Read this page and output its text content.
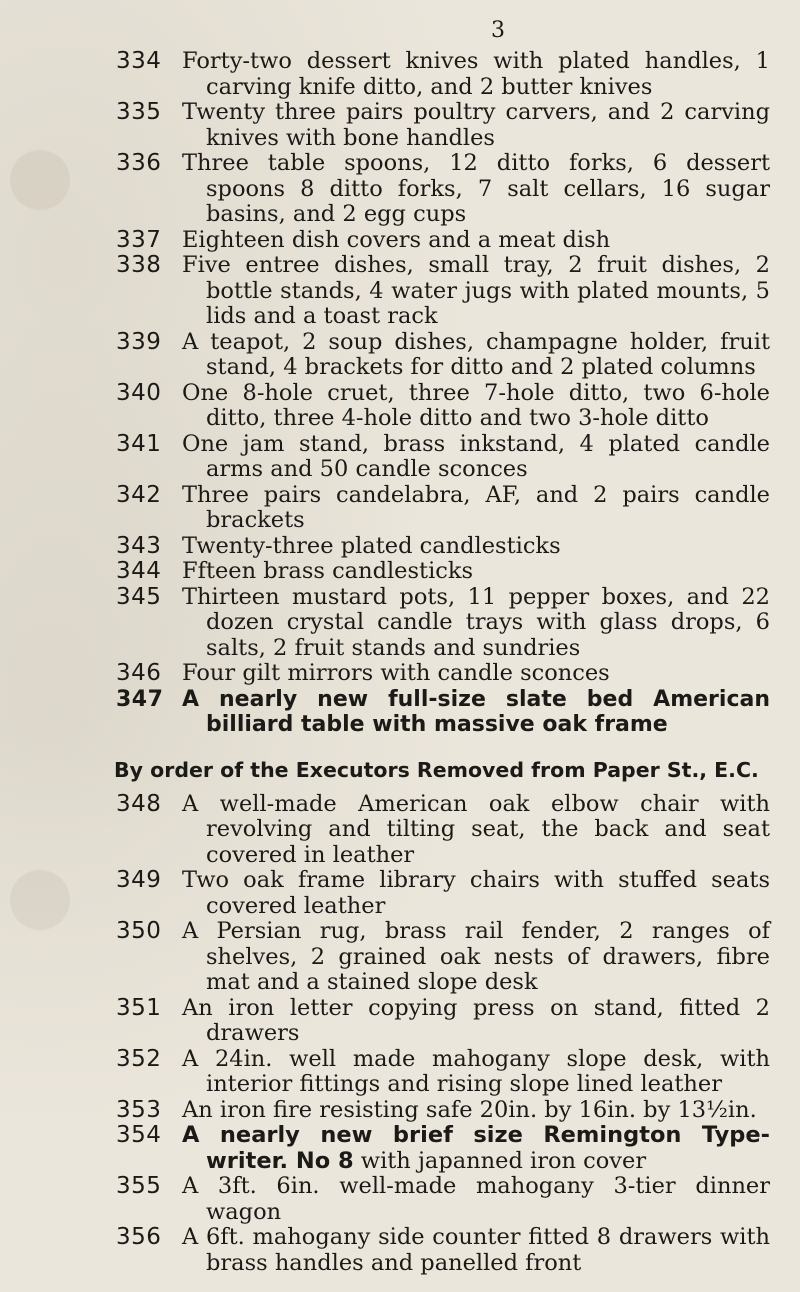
3
334 Forty-two dessert knives with plated handles, 1 carving knife ditto, and 2 butter knives
335 Twenty three pairs poultry carvers, and 2 carving knives with bone handles
336 Three table spoons, 12 ditto forks, 6 dessert spoons 8 ditto forks, 7 salt cellars, 16 sugar basins, and 2 egg cups
337 Eighteen dish covers and a meat dish
338 Five entree dishes, small tray, 2 fruit dishes, 2 bottle stands, 4 water jugs with plated mounts, 5 lids and a toast rack
339 A teapot, 2 soup dishes, champagne holder, fruit stand, 4 brackets for ditto and 2 plated columns
340 One 8-hole cruet, three 7-hole ditto, two 6-hole ditto, three 4-hole ditto and two 3-hole ditto
341 One jam stand, brass inkstand, 4 plated candle arms and 50 candle sconces
342 Three pairs candelabra, AF, and 2 pairs candle brackets
343 Twenty-three plated candlesticks
344 Ffteen brass candlesticks
345 Thirteen mustard pots, 11 pepper boxes, and 22 dozen crystal candle trays with glass drops, 6 salts, 2 fruit stands and sundries
346 Four gilt mirrors with candle sconces
347 A nearly new full-size slate bed American billiard table with massive oak frame
By order of the Executors Removed from Paper St., E.C.
348 A well-made American oak elbow chair with revolving and tilting seat, the back and seat covered in leather
349 Two oak frame library chairs with stuffed seats covered leather
350 A Persian rug, brass rail fender, 2 ranges of shelves, 2 grained oak nests of drawers, fibre mat and a stained slope desk
351 An iron letter copying press on stand, fitted 2 drawers
352 A 24in. well made mahogany slope desk, with interior fittings and rising slope lined leather
353 An iron fire resisting safe 20in. by 16in. by 13½in.
354 A nearly new brief size Remington Type-writer. No 8 with japanned iron cover
355 A 3ft. 6in. well-made mahogany 3-tier dinner wagon
356 A 6ft. mahogany side counter fitted 8 drawers with brass handles and panelled front
